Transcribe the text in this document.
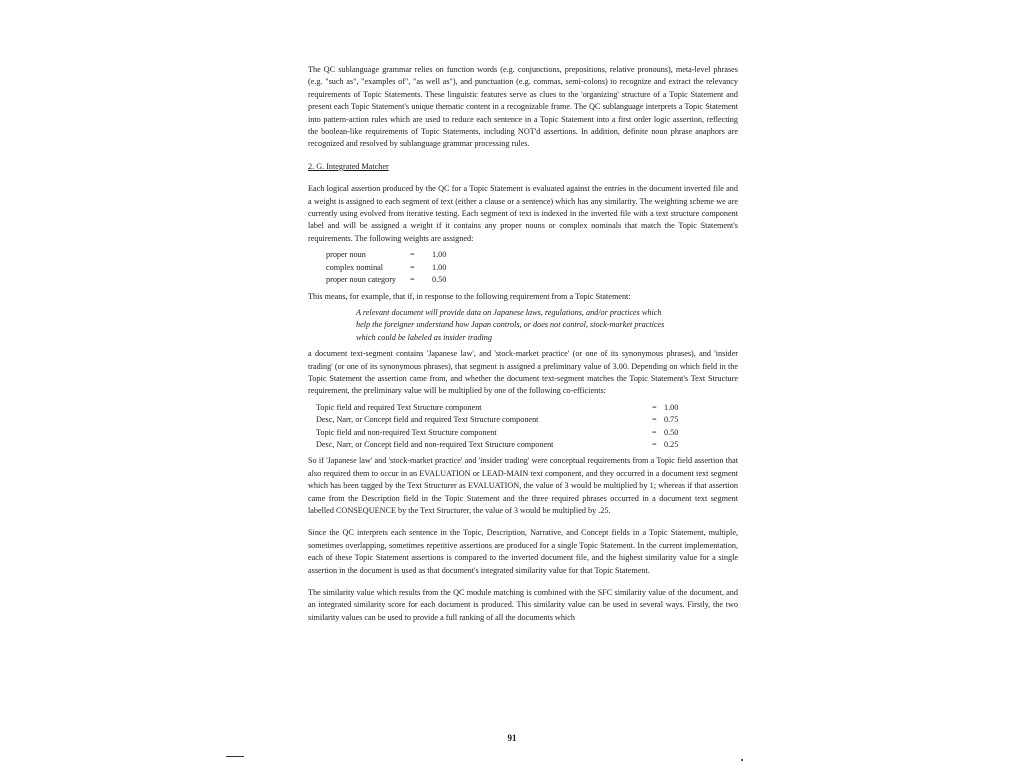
The QC sublanguage grammar relies on function words (e.g. conjunctions, prepositions, relative pronouns), meta-level phrases (e.g. "such as", "examples of", "as well as"), and punctuation (e.g. commas, semi-colons) to recognize and extract the relevancy requirements of Topic Statements. These linguistic features serve as clues to the 'organizing' structure of a Topic Statement and present each Topic Statement's unique thematic content in a recognizable frame. The QC sublanguage interprets a Topic Statement into pattern-action rules which are used to reduce each sentence in a Topic Statement into a first order logic assertion, reflecting the boolean-like requirements of Topic Statements, including NOT'd assertions. In addition, definite noun phrase anaphors are recognized and resolved by sublanguage grammar processing rules.

2. G. Integrated Matcher

Each logical assertion produced by the QC for a Topic Statement is evaluated against the entries in the document inverted file and a weight is assigned to each segment of text (either a clause or a sentence) which has any similarity. The weighting scheme we are currently using evolved from iterative testing. Each segment of text is indexed in the inverted file with a text structure component label and will be assigned a weight if it contains any proper nouns or complex nominals that match the Topic Statement's requirements. The following weights are assigned:

proper noun	=	1.00
complex nominal	=	1.00
proper noun category	=	0.50

This means, for example, that if, in response to the following requirement from a Topic Statement:

A relevant document will provide data on Japanese laws, regulations, and/or practices which help the foreigner understand how Japan controls, or does not control, stock-market practices which could be labeled as insider trading

a document text-segment contains 'Japanese law', and 'stock-market practice' (or one of its synonymous phrases), and 'insider trading' (or one of its synonymous phrases), that segment is assigned a preliminary value of 3.00. Depending on which field in the Topic Statement the assertion came from, and whether the document text-segment matches the Topic Statement's Text Structure requirement, the preliminary value will be multiplied by one of the following co-efficients:

Topic field and required Text Structure component	= 1.00
Desc, Narr, or Concept field and required Text Structure component	= 0.75
Topic field and non-required Text Structure component	= 0.50
Desc, Narr, or Concept field and non-required Text Structure component	= 0.25

So if 'Japanese law' and 'stock-market practice' and 'insider trading' were conceptual requirements from a Topic field assertion that also required them to occur in an EVALUATION or LEAD-MAIN text component, and they occurred in a document text segment which has been tagged by the Text Structurer as EVALUATION, the value of 3 would be multiplied by 1; whereas if that assertion came from the Description field in the Topic Statement and the three required phrases occurred in a document text segment labelled CONSEQUENCE by the Text Structurer, the value of 3 would be multiplied by .25.

Since the QC interprets each sentence in the Topic, Description, Narrative, and Concept fields in a Topic Statement, multiple, sometimes overlapping, sometimes repetitive assertions are produced for a single Topic Statement. In the current implementation, each of these Topic Statement assertions is compared to the inverted document file, and the highest similarity value for a single assertion in the document is used as that document's integrated similarity value for that Topic Statement.

The similarity value which results from the QC module matching is combined with the SFC similarity value of the document, and an integrated similarity score for each document is produced. This similarity value can be used in several ways. Firstly, the two similarity values can be used to provide a full ranking of all the documents which

91
